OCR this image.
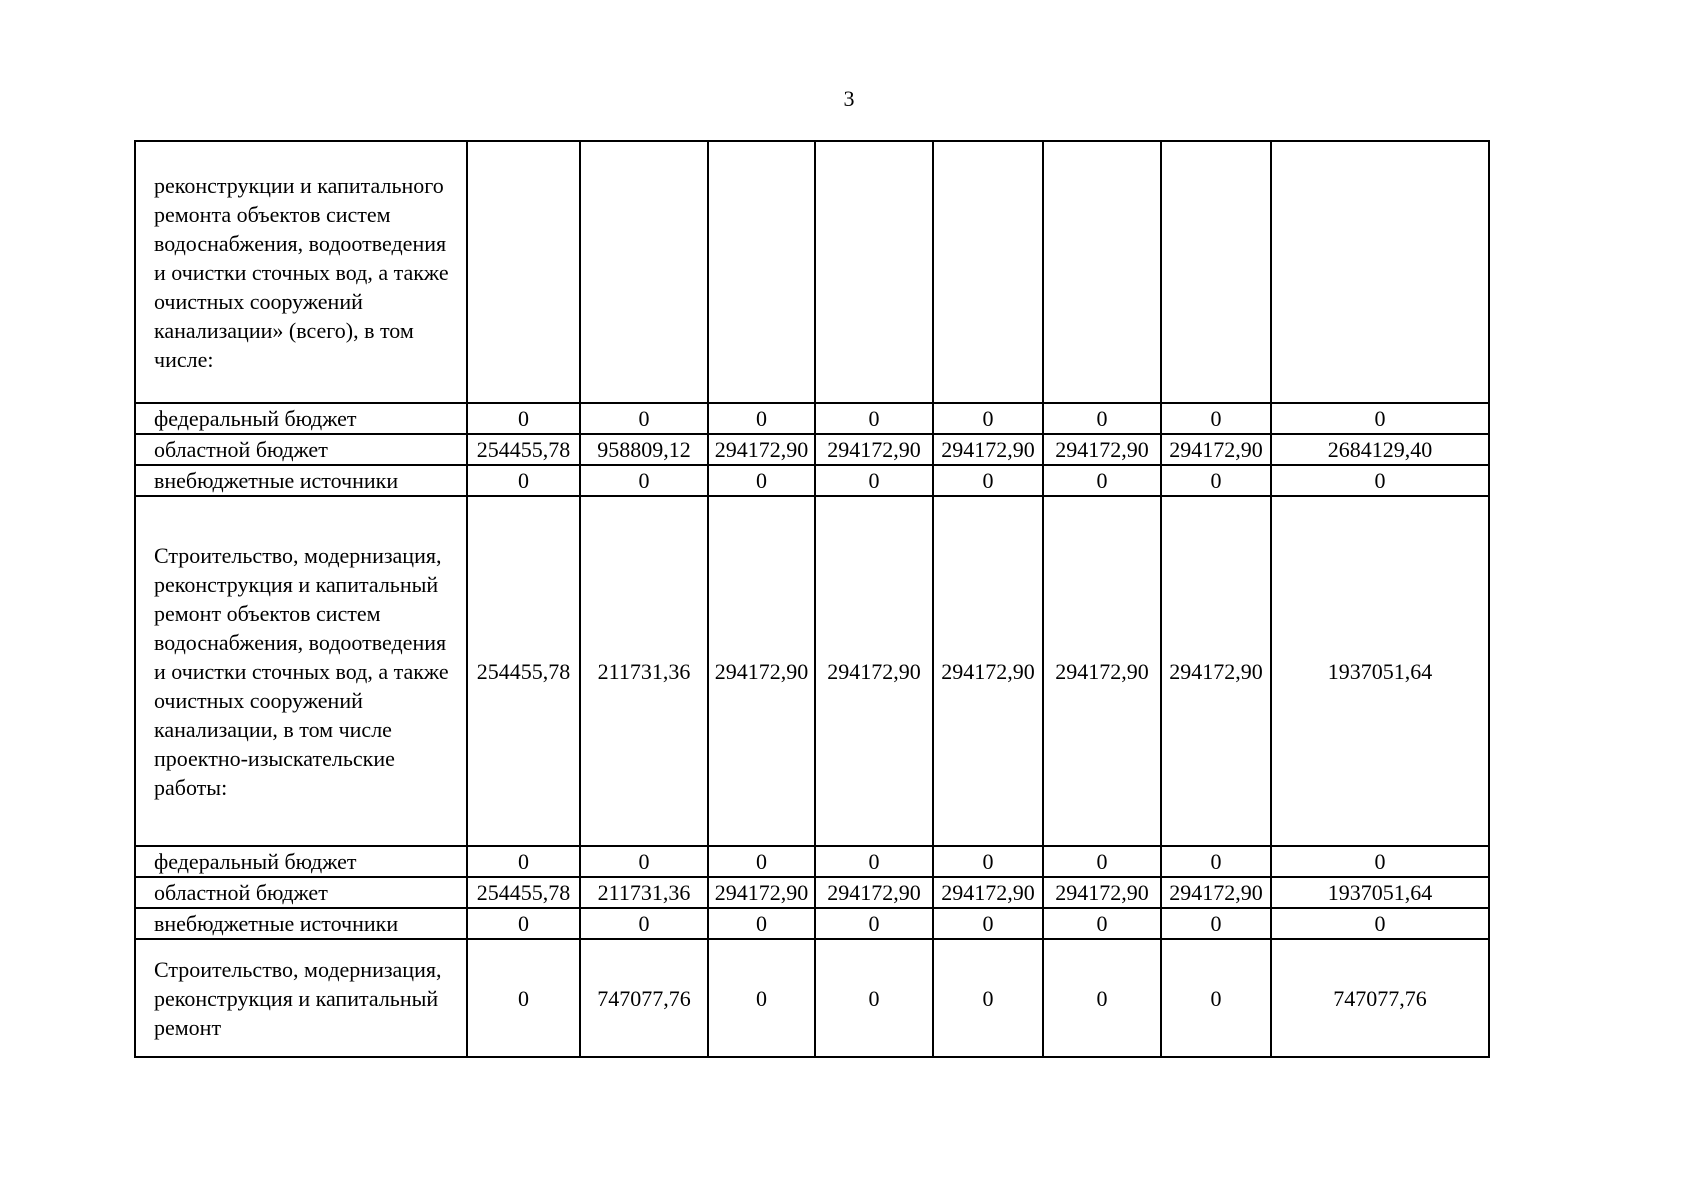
3
реконструкции и капитального ремонта объектов систем водоснабжения, водоотведения и очистки сточных вод, а также очистных сооружений канализации» (всего), в том числе:								
федеральный бюджет	0	0	0	0	0	0	0	0
областной бюджет	254455,78	958809,12	294172,90	294172,90	294172,90	294172,90	294172,90	2684129,40
внебюджетные источники	0	0	0	0	0	0	0	0
Строительство, модернизация, реконструкция и капитальный ремонт объектов систем водоснабжения, водоотведения и очистки сточных вод, а также очистных сооружений канализации, в том числе проектно-изыскательские работы:	254455,78	211731,36	294172,90	294172,90	294172,90	294172,90	294172,90	1937051,64
федеральный бюджет	0	0	0	0	0	0	0	0
областной бюджет	254455,78	211731,36	294172,90	294172,90	294172,90	294172,90	294172,90	1937051,64
внебюджетные источники	0	0	0	0	0	0	0	0
Строительство, модернизация, реконструкция и капитальный ремонт	0	747077,76	0	0	0	0	0	747077,76
